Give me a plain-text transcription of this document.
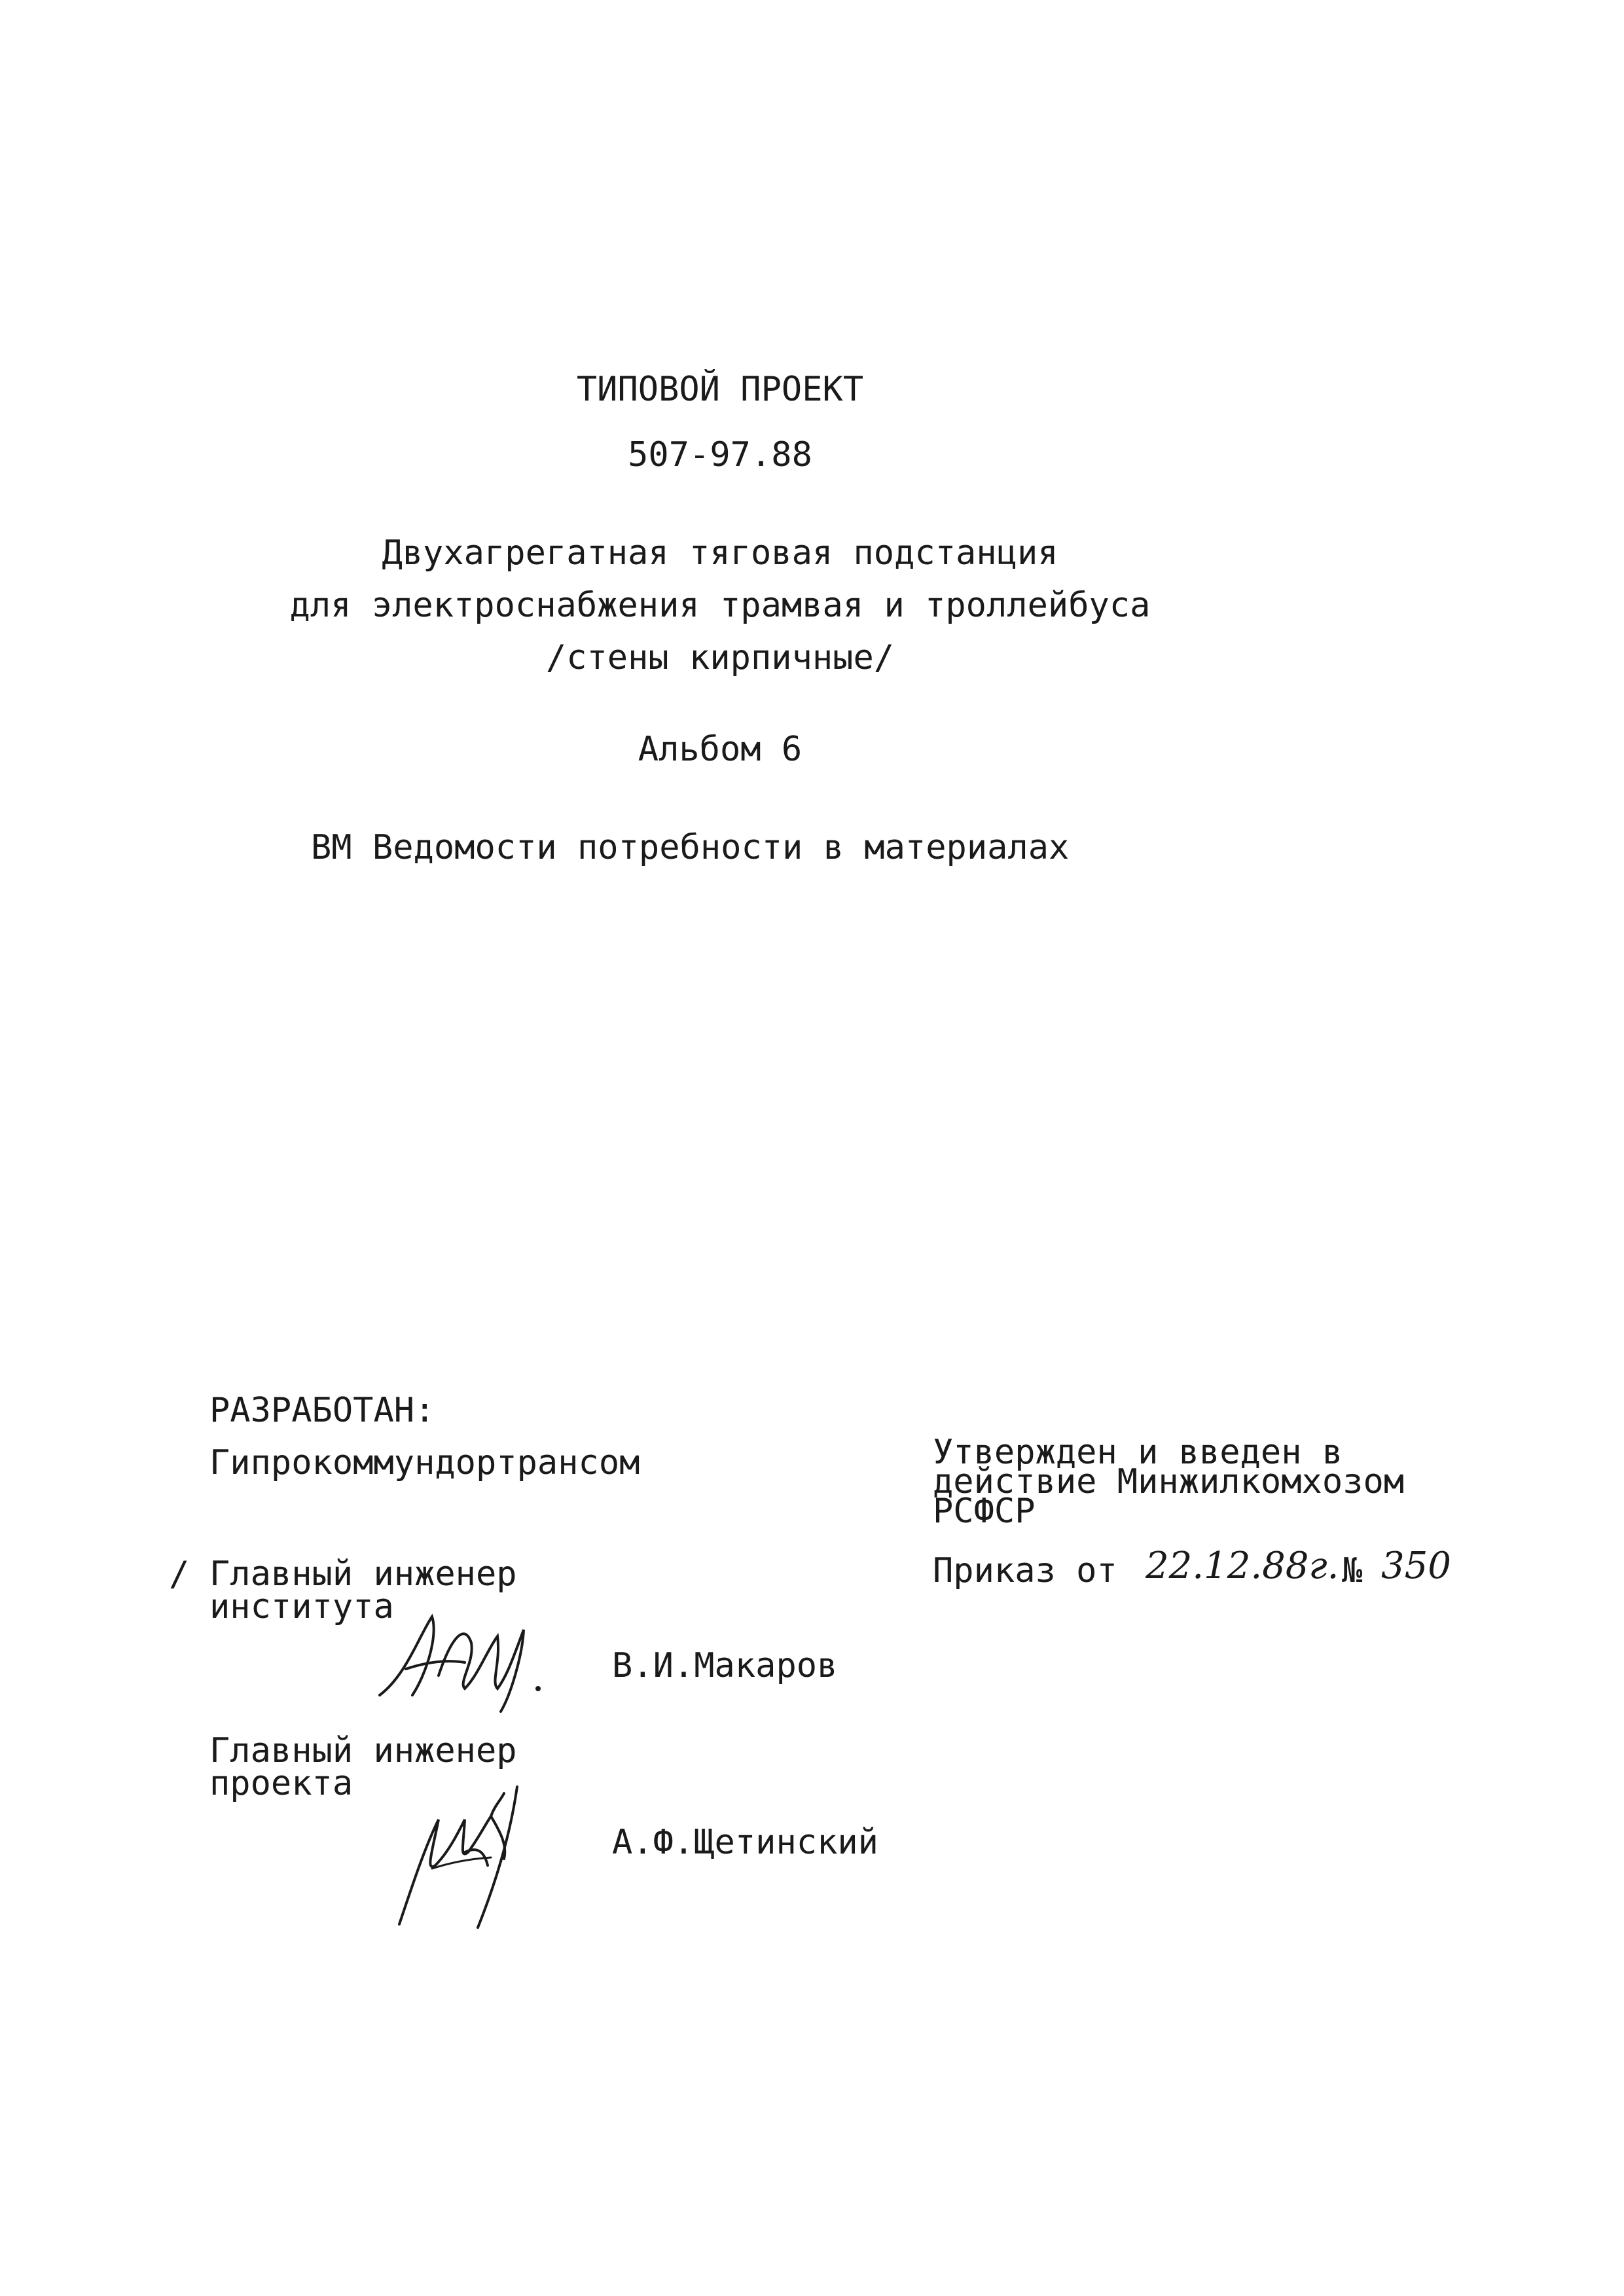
ТИПОВОЙ ПРОЕКТ
507-97.88
Двухагрегатная тяговая подстанция
для электроснабжения трамвая и троллейбуса
/стены кирпичные/
Альбом 6
ВМ Ведомости потребности в материалах
РАЗРАБОТАН:
Гипрокоммундортрансом
/ Главный инженер
института
В.И.Макаров
Главный инженер
проекта
А.Ф.Щетинский
Утвержден и введен в
действие Минжилкомхозом
РСФСР
Приказ от 22.12.88г. № 350
